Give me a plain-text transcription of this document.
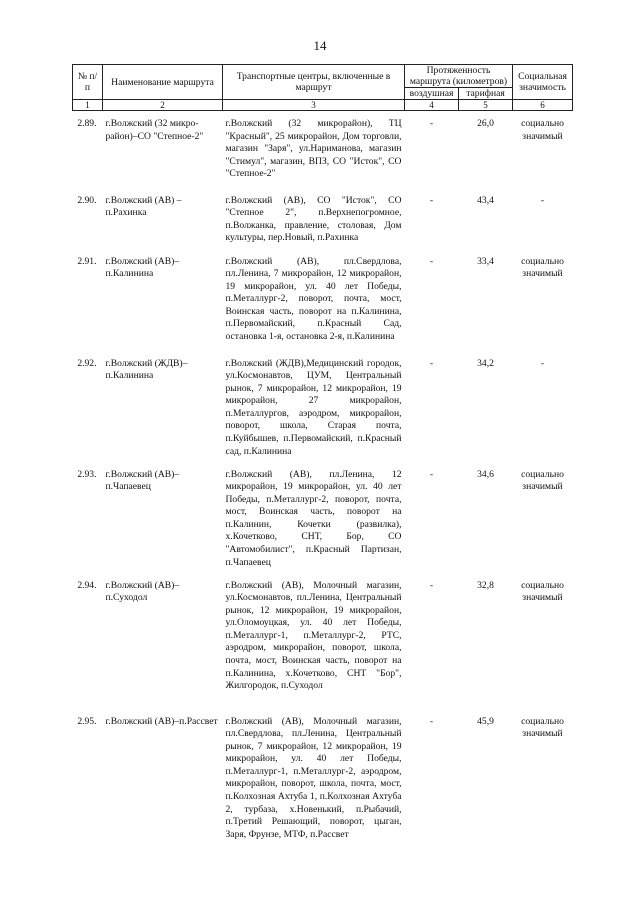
14
№ п/п	Наименование маршрута	Транспортные центры, включенные в маршрут	Протяженность маршрута (километров)		Социальная значимость
			воздушная	тарифная	
1	2	3	4	5	6
2.89.	г.Волжский (32 микро-район)–СО "Степное-2"	г.Волжский (32 микрорайон), ТЦ "Красный", 25 микрорайон, Дом торговли, магазин "Заря", ул.Нариманова, магазин "Стимул", магазин, ВПЗ, СО "Исток", СО "Степное-2"	-	26,0	социально значимый
2.90.	г.Волжский (АВ) – п.Рахинка	г.Волжский (АВ), СО "Исток", СО "Степное 2", п.Верхнепогромное, п.Волжанка, правление, столовая, Дом культуры, пер.Новый, п.Рахинка	-	43,4	-
2.91.	г.Волжский (АВ)–п.Калинина	г.Волжский (АВ), пл.Свердлова, пл.Ленина, 7 микрорайон, 12 микрорайон, 19 микрорайон, ул. 40 лет Победы, п.Металлург-2, поворот, почта, мост, Воинская часть, поворот на п.Калинина, п.Первомайский, п.Красный Сад, остановка 1-я, остановка 2-я, п.Калинина	-	33,4	социально значимый
2.92.	г.Волжский (ЖДВ)–п.Калинина	г.Волжский (ЖДВ),Медицинский городок, ул.Космонавтов, ЦУМ, Центральный рынок, 7 микрорайон, 12 микрорайон, 19 микрорайон, 27 микрорайон, п.Металлургов, аэродром, микрорайон, поворот, школа, Старая почта, п.Куйбышев, п.Первомайский, п.Красный сад, п.Калинина	-	34,2	-
2.93.	г.Волжский (АВ)–п.Чапаевец	г.Волжский (АВ), пл.Ленина, 12 микрорайон, 19 микрорайон, ул. 40 лет Победы, п.Металлург-2, поворот, почта, мост, Воинская часть, поворот на п.Калинин, Кочетки (развилка), х.Кочетково, СНТ, Бор, СО "Автомобилист", п.Красный Партизан, п.Чапаевец	-	34,6	социально значимый
2.94.	г.Волжский (АВ)–п.Суходол	г.Волжский (АВ), Молочный магазин, ул.Космонавтов, пл.Ленина, Центральный рынок, 12 микрорайон, 19 микрорайон, ул.Оломоуцкая, ул. 40 лет Победы, п.Металлург-1, п.Металлург-2, РТС, аэродром, микрорайон, поворот, школа, почта, мост, Воинская часть, поворот на п.Калинина, х.Кочетково, СНТ "Бор", Жилгородок, п.Суходол	-	32,8	социально значимый
2.95.	г.Волжский (АВ)–п.Рассвет	г.Волжский (АВ), Молочный магазин, пл.Свердлова, пл.Ленина, Центральный рынок, 7 микрорайон, 12 микрорайон, 19 микрорайон, ул. 40 лет Победы, п.Металлург-1, п.Металлург-2, аэродром, микрорайон, поворот, школа, почта, мост, п.Колхозная Ахтуба 1, п.Колхозная Ахтуба 2, турбаза, х.Новенький, п.Рыбачий, п.Третий Решающий, поворот, цыган, Заря, Фрунзе, МТФ, п.Рассвет	-	45,9	социально значимый
